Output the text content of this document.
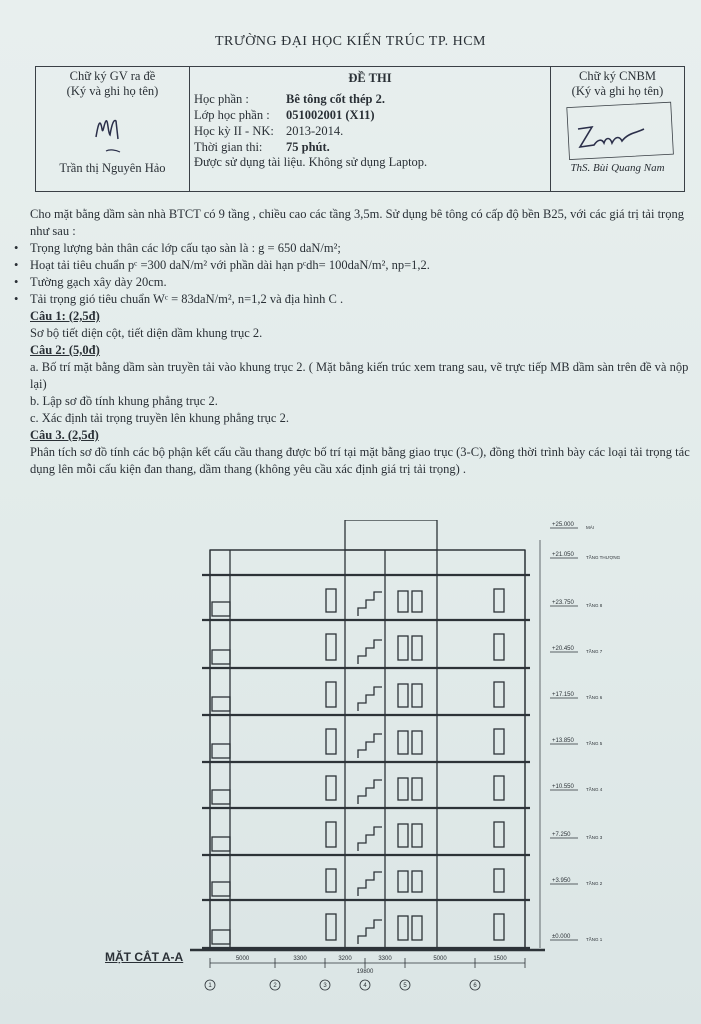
TRƯỜNG ĐẠI HỌC KIẾN TRÚC TP. HCM
Chữ ký GV ra đề
(Ký và ghi họ tên)
Trần thị Nguyên Hảo

ĐỀ THI
Học phần :	Bê tông cốt thép 2.
Lớp học phần :	051002001 (X11)
Học kỳ II - NK: 2013-2014.
Thời gian thi:	75 phút.
Được sử dụng tài liệu. Không sử dụng Laptop.

Chữ ký CNBM
(Ký và ghi họ tên)
ThS. Bùi Quang Nam

Cho mặt bằng dầm sàn nhà BTCT có 9 tầng , chiều cao các tầng 3,5m. Sử dụng bê tông có cấp độ bền B25, với các giá trị tải trọng như sau :

• Trọng lượng bản thân các lớp cấu tạo sàn là : g = 650 daN/m²;

• Hoạt tải tiêu chuẩn pᶜ =300 daN/m² với phần dài hạn pᶜdh= 100daN/m², np=1,2.

• Tường gạch xây dày 20cm.

• Tải trọng gió tiêu chuẩn Wᶜ = 83daN/m², n=1,2 và địa hình C .

Câu 1: (2,5đ)

Sơ bộ tiết diện cột, tiết diện dầm khung trục 2.

Câu 2: (5,0đ)

a. Bố trí mặt bằng dầm sàn truyền tải vào khung trục 2. ( Mặt bằng kiến trúc xem trang sau, vẽ trực tiếp MB dầm sàn trên đề và nộp lại)

b. Lập sơ đồ tính khung phẳng trục 2.

c. Xác định tải trọng truyền lên khung phẳng trục 2.

Câu 3. (2,5đ)

Phân tích sơ đồ tính các bộ phận kết cấu cầu thang được bố trí tại mặt bằng giao trục (3-C), đồng thời trình bày các loại tải trọng tác dụng lên mỗi cấu kiện đan thang, dầm thang (không yêu cầu xác định giá trị tải trọng) .

5000	3300	3200	3300	5000	1500
19800
1	2	3	4	5	6
+25.000	MÁI
+21.050	TẦNG THƯỢNG
+23.750	TẦNG 8
+20.450	TẦNG 7
+17.150	TẦNG 6
+13.850	TẦNG 5
+10.550	TẦNG 4
+7.250	TẦNG 3
+3.950	TẦNG 2
±0.000	TẦNG 1
MẶT CẮT A-A
